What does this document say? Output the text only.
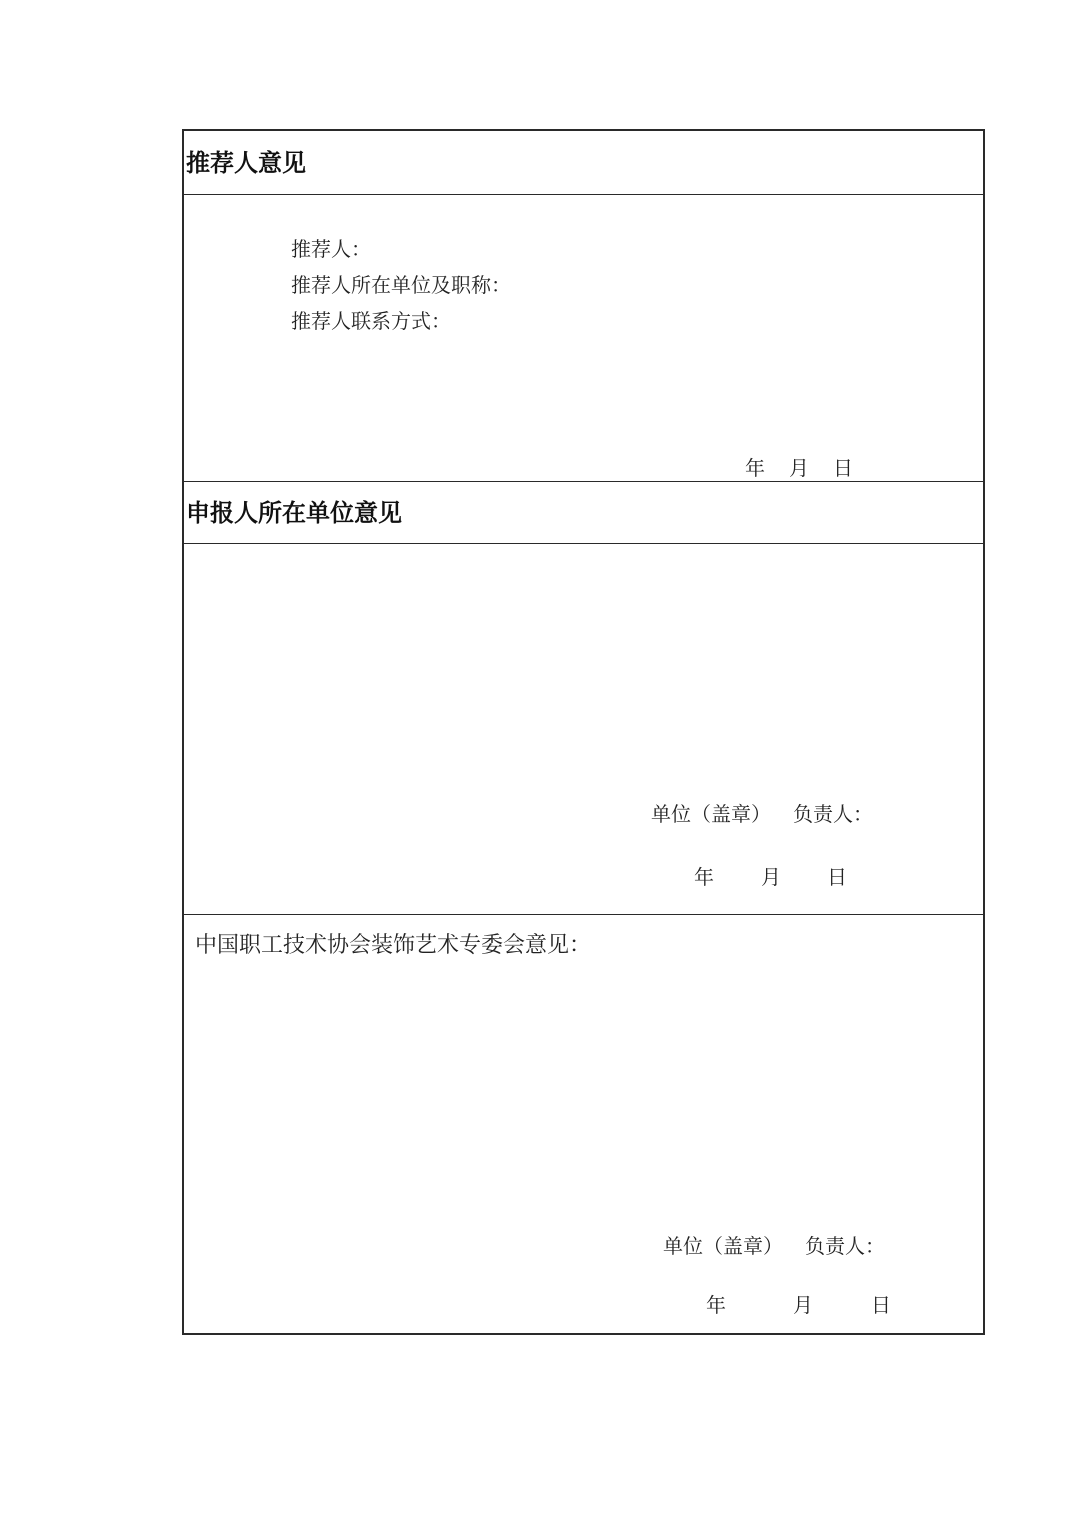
推荐人意见
推荐人：
推荐人所在单位及职称：
推荐人联系方式：
年 月 日
申报人所在单位意见
单位（盖章） 负责人：
年 月 日
中国职工技术协会装饰艺术专委会意见：
单位（盖章） 负责人：
年	月	日
